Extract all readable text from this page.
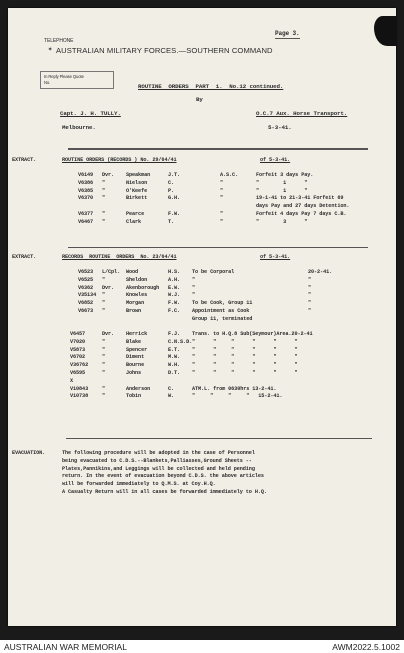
TELEPHONE
Page 3.
✶ AUSTRALIAN MILITARY FORCES.—SOUTHERN COMMAND
In Reply Please Quote
No.
ROUTINE  ORDERS  PART  1.  No.12 continued.
By
Capt. J. H. TULLY.	O.C.7 Aux. Horse Transport.
Melbourne.	5-3-41.
EXTRACT.	ROUTINE ORDERS (RECORDS ) No. 29/64/41	of 5-3-41.
V6149 Dvr. Speakman	J.T.	A.S.C.	Forfeit 3 days Pay.
V6386 "	Nielson	C.	"	"        1      "
V6385 "	O'Keefe	P.	"	"        1      "
V6370 "	Birkett	G.H.	"	19-1-41 to 21-3-41 Forfeit 69
days Pay and 27 days Detention.
V6377 "	Pearce	F.W.	"	Forfeit 4 days Pay 7 days C.B.
V6467 "	Clark	T.	"	"        3      "
EXTRACT.	RECORDS  ROUTINE  ORDERS  No. 23/64/41	of 5-3-41.
V6523 L/Cpl. Wood	H.S. To be Corporal	20-2-41.
V6525 "	Sheldon	A.H. "	"
V6362 Dvr. Akenborough E.W. "	"
V35134 "	Knowles	W.J. "	"
V6852 "	Morgan	F.W. To be Cook, Group 11	"
V6673 "	Brown	F.C. Appointment as Cook	"
Group 11, terminated
V6457	Dvr. Herrick	F.J. Trans. to H.Q.8 Sub(Seymour)Area.20-2-41
V7020	"	Blake	C.N.S.D. "      "     "      "      "      "
V5873	"	Spencer	E.T. "      "     "      "      "      "
V6702	"	Diment	M.W. "      "     "      "      "      "
V36762	"	Bourne	W.H. "      "     "      "      "      "
V6595	"	Johns	D.T. "      "     "      "      "      "
X
V10843	"	Anderson	C.	ATM.L. from 0630hrs 13-2-41.
V10738	"	Tobin	W.	"     "     "     "   15-2-41.
EVACUATION.	The following procedure will be adopted in the case of Personnel
being evacuated to C.D.S.--Blankets,Palliasses,Ground Sheets --
Plates,Pannikins,and Leggings will be collected and held pending
return. In the event of evacuation beyond C.D.S. the above articles
will be forwarded immediately to Q.M.S. at Coy.H.Q.
A Casualty Return will in all cases be forwarded immediately to H.Q.
AUSTRALIAN WAR MEMORIAL	AWM2022.5.1002
